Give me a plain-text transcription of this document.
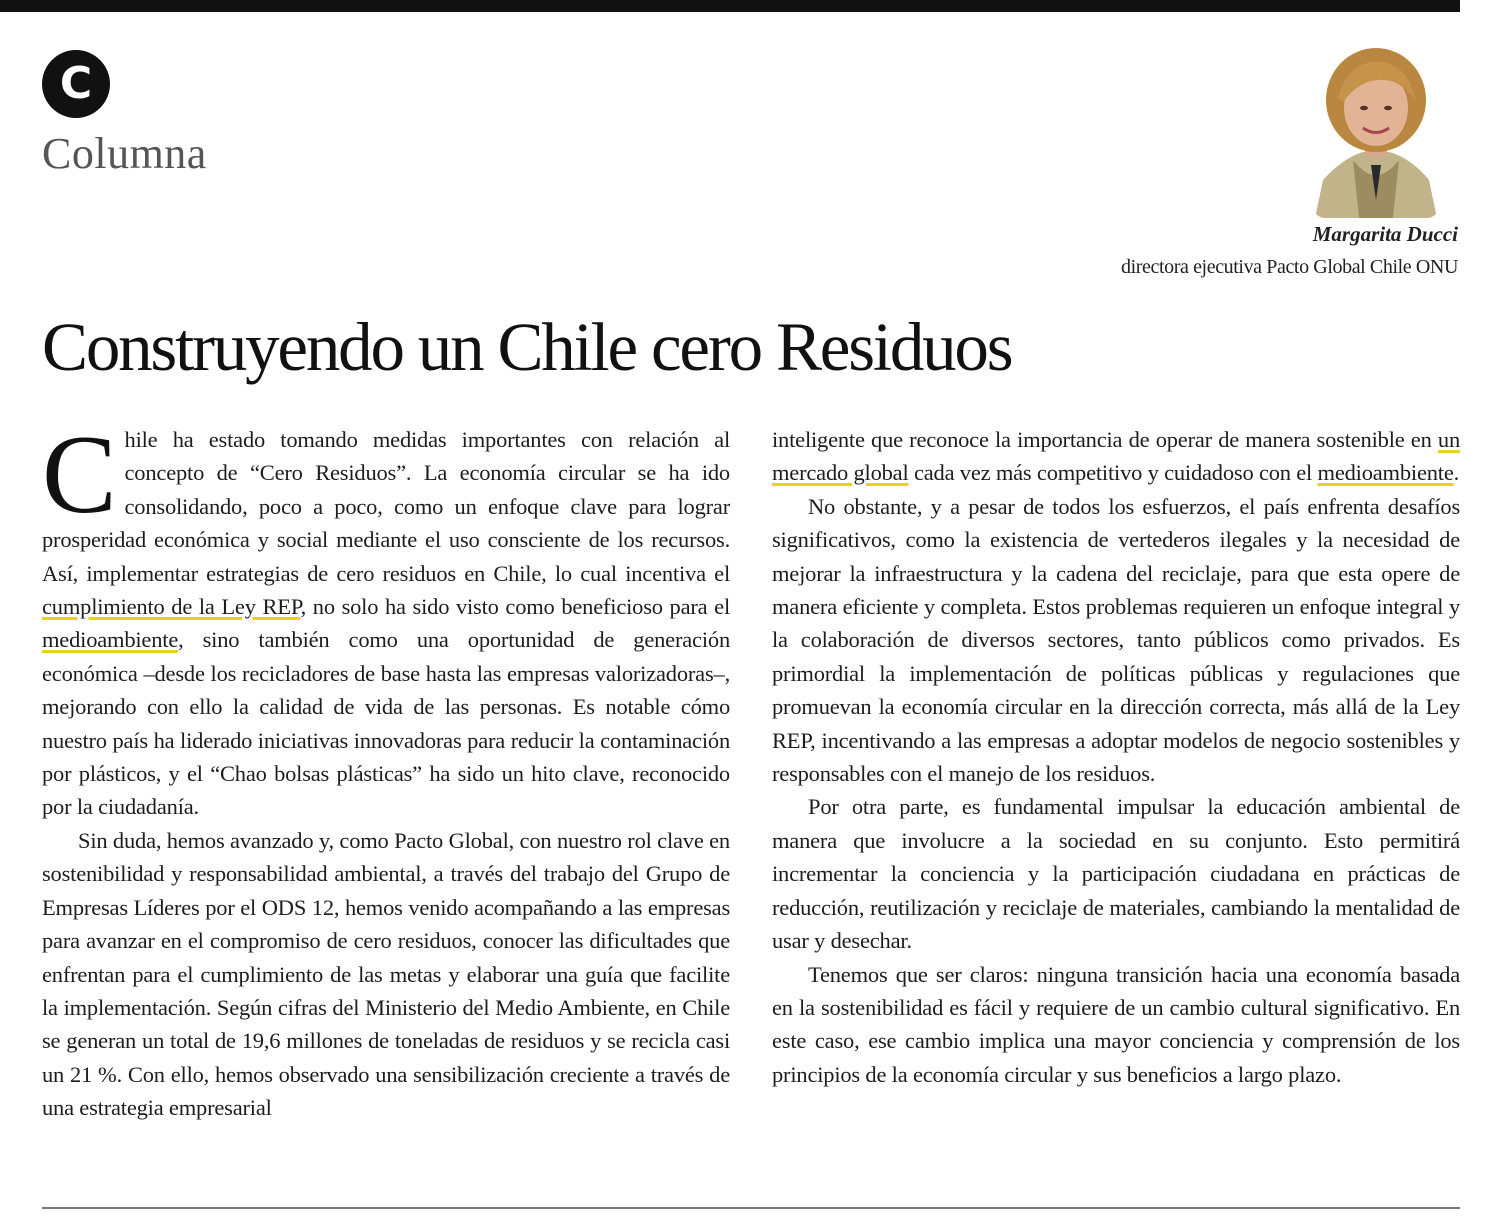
C
Columna
Margarita Ducci
directora ejecutiva Pacto Global Chile ONU
Construyendo un Chile cero Residuos

Chile ha estado tomando medidas importantes con relación al concepto de “Cero Residuos”. La economía circular se ha ido consolidando, poco a poco, como un enfoque clave para lograr prosperidad económica y social mediante el uso consciente de los recursos. Así, implementar estrategias de cero residuos en Chile, lo cual incentiva el cumplimiento de la Ley REP, no solo ha sido visto como beneficioso para el medioambiente, sino también como una oportunidad de generación económica –desde los recicladores de base hasta las empresas valorizadoras–, mejorando con ello la calidad de vida de las personas. Es notable cómo nuestro país ha liderado iniciativas innovadoras para reducir la contaminación por plásticos, y el “Chao bolsas plásticas” ha sido un hito clave, reconocido por la ciudadanía.

Sin duda, hemos avanzado y, como Pacto Global, con nuestro rol clave en sostenibilidad y responsabilidad ambiental, a través del trabajo del Grupo de Empresas Líderes por el ODS 12, hemos venido acompañando a las empresas para avanzar en el compromiso de cero residuos, conocer las dificultades que enfrentan para el cumplimiento de las metas y elaborar una guía que facilite la implementación. Según cifras del Ministerio del Medio Ambiente, en Chile se generan un total de 19,6 millones de toneladas de residuos y se recicla casi un 21 %. Con ello, hemos observado una sensibilización creciente a través de una estrategia empresarial

inteligente que reconoce la importancia de operar de manera sostenible en un mercado global cada vez más competitivo y cuidadoso con el medioambiente.

No obstante, y a pesar de todos los esfuerzos, el país enfrenta desafíos significativos, como la existencia de vertederos ilegales y la necesidad de mejorar la infraestructura y la cadena del reciclaje, para que esta opere de manera eficiente y completa. Estos problemas requieren un enfoque integral y la colaboración de diversos sectores, tanto públicos como privados. Es primordial la implementación de políticas públicas y regulaciones que promuevan la economía circular en la dirección correcta, más allá de la Ley REP, incentivando a las empresas a adoptar modelos de negocio sostenibles y responsables con el manejo de los residuos.

Por otra parte, es fundamental impulsar la educación ambiental de manera que involucre a la sociedad en su conjunto. Esto permitirá incrementar la conciencia y la participación ciudadana en prácticas de reducción, reutilización y reciclaje de materiales, cambiando la mentalidad de usar y desechar.

Tenemos que ser claros: ninguna transición hacia una economía basada en la sostenibilidad es fácil y requiere de un cambio cultural significativo. En este caso, ese cambio implica una mayor conciencia y comprensión de los principios de la economía circular y sus beneficios a largo plazo.
